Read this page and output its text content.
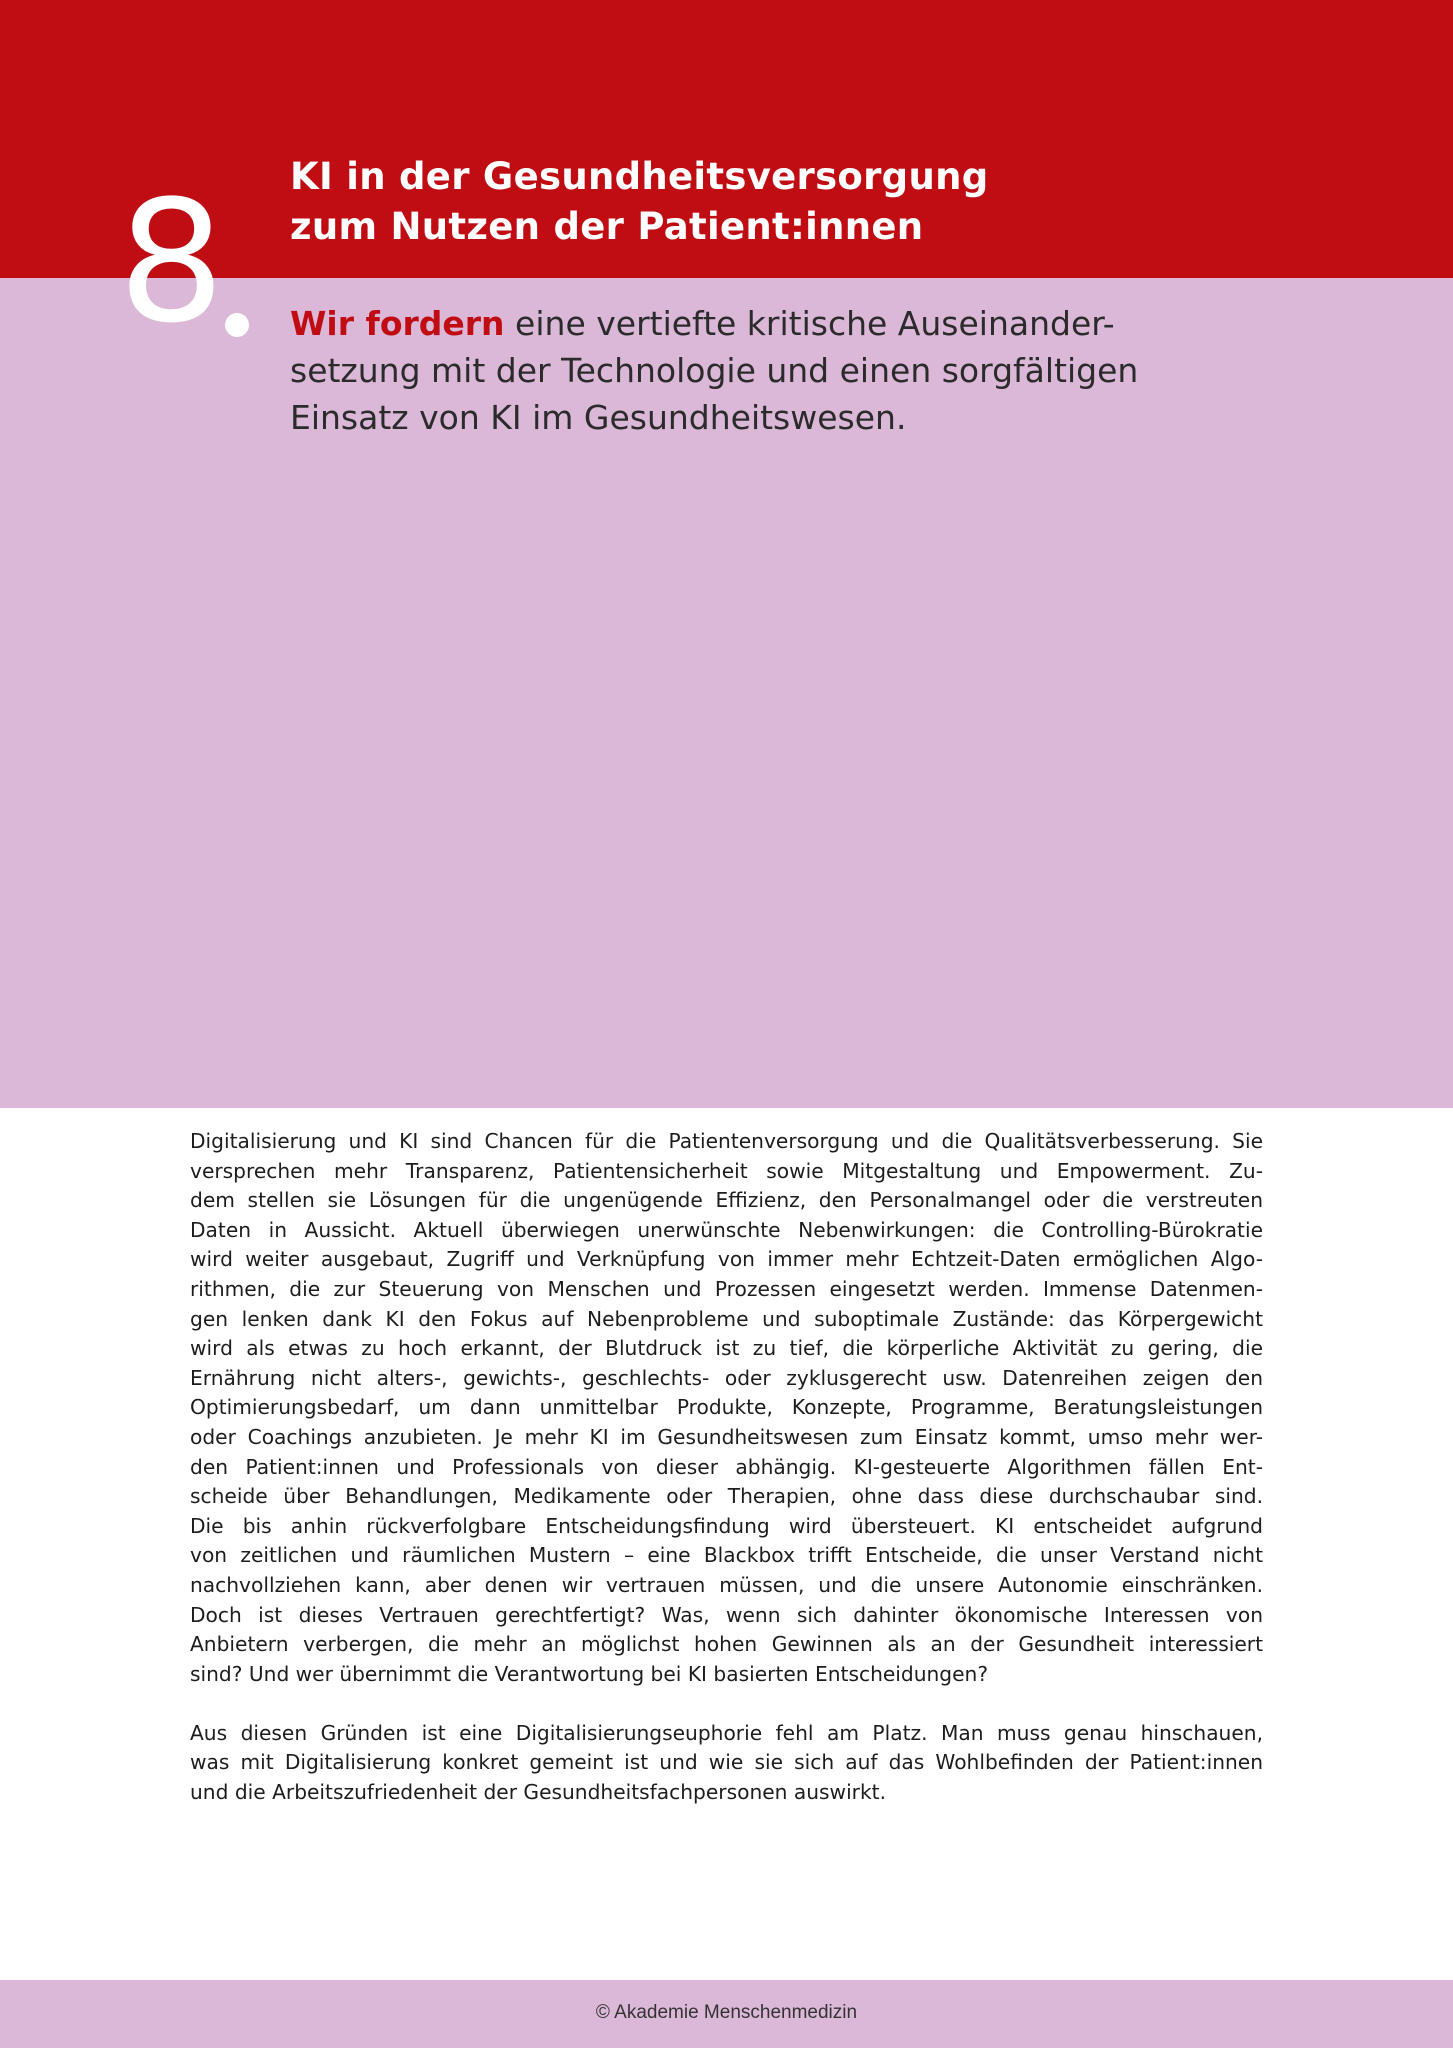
8 KI in der Gesundheitsversorgung
zum Nutzen der Patient:innen

Wir fordern eine vertiefte kritische Auseinander-
setzung mit der Technologie und einen sorgfältigen
Einsatz von KI im Gesundheitswesen.

Digitalisierung und KI sind Chancen für die Patientenversorgung und die Qualitätsverbesserung. Sie
versprechen mehr Transparenz, Patientensicherheit sowie Mitgestaltung und Empowerment. Zu-
dem stellen sie Lösungen für die ungenügende Effizienz, den Personalmangel oder die verstreuten
Daten in Aussicht. Aktuell überwiegen unerwünschte Nebenwirkungen: die Controlling-Bürokratie
wird weiter ausgebaut, Zugriff und Verknüpfung von immer mehr Echtzeit-Daten ermöglichen Algo-
rithmen, die zur Steuerung von Menschen und Prozessen eingesetzt werden. Immense Datenmen-
gen lenken dank KI den Fokus auf Nebenprobleme und suboptimale Zustände: das Körpergewicht
wird als etwas zu hoch erkannt, der Blutdruck ist zu tief, die körperliche Aktivität zu gering, die
Ernährung nicht alters-, gewichts-, geschlechts- oder zyklusgerecht usw. Datenreihen zeigen den
Optimierungsbedarf, um dann unmittelbar Produkte, Konzepte, Programme, Beratungsleistungen
oder Coachings anzubieten. Je mehr KI im Gesundheitswesen zum Einsatz kommt, umso mehr wer-
den Patient:innen und Professionals von dieser abhängig. KI-gesteuerte Algorithmen fällen Ent-
scheide über Behandlungen, Medikamente oder Therapien, ohne dass diese durchschaubar sind.
Die bis anhin rückverfolgbare Entscheidungsfindung wird übersteuert. KI entscheidet aufgrund
von zeitlichen und räumlichen Mustern – eine Blackbox trifft Entscheide, die unser Verstand nicht
nachvollziehen kann, aber denen wir vertrauen müssen, und die unsere Autonomie einschränken.
Doch ist dieses Vertrauen gerechtfertigt? Was, wenn sich dahinter ökonomische Interessen von
Anbietern verbergen, die mehr an möglichst hohen Gewinnen als an der Gesundheit interessiert
sind? Und wer übernimmt die Verantwortung bei KI basierten Entscheidungen?
Aus diesen Gründen ist eine Digitalisierungseuphorie fehl am Platz. Man muss genau hinschauen,
was mit Digitalisierung konkret gemeint ist und wie sie sich auf das Wohlbefinden der Patient:innen
und die Arbeitszufriedenheit der Gesundheitsfachpersonen auswirkt.
© Akademie Menschenmedizin
